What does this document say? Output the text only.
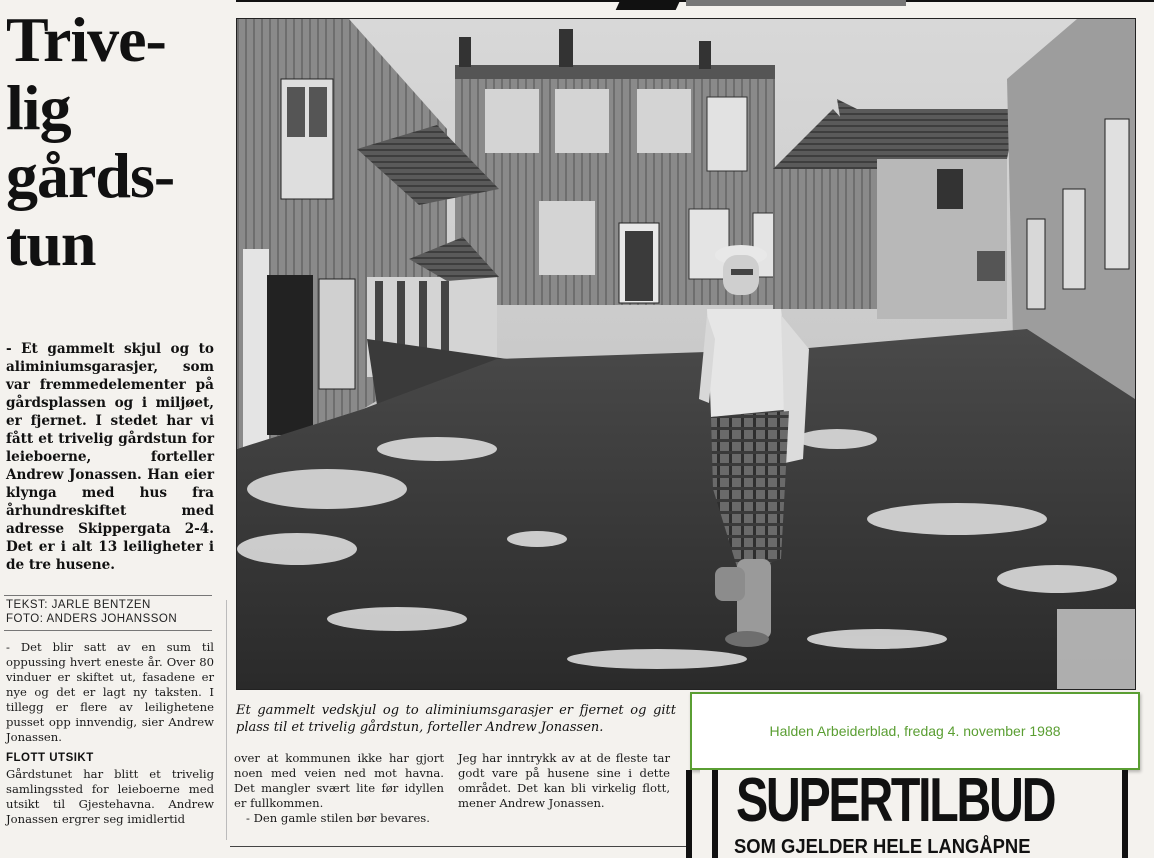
Trive-
lig
gårds-
tun

- Et gammelt skjul og to aliminiumsgarasjer, som var fremmedelementer på gårdsplassen og i miljøet, er fjernet. I stedet har vi fått et trivelig gårdstun for leieboerne, forteller Andrew Jonassen. Han eier klynga med hus fra århundreskiftet med adresse Skippergata 2-4. Det er i alt 13 leiligheter i de tre husene.

TEKST: JARLE BENTZEN
FOTO: ANDERS JOHANSSON

- Det blir satt av en sum til oppussing hvert eneste år. Over 80 vinduer er skiftet ut, fasadene er nye og det er lagt ny taksten. I tillegg er flere av leilighetene pusset opp innvendig, sier Andrew Jonassen.

FLOTT UTSIKT

Gårdstunet har blitt et trivelig samlingssted for leieboerne med utsikt til Gjestehavna. Andrew Jonassen ergrer seg imidlertid

Et gammelt vedskjul og to aliminiumsgarasjer er fjernet og gitt plass til et trivelig gårdstun, forteller Andrew Jonassen.

over at kommunen ikke har gjort noen med veien ned mot havna. Det mangler svært lite før idyllen er fullkommen.

- Den gamle stilen bør bevares.

Jeg har inntrykk av at de fleste tar godt vare på husene sine i dette området. Det kan bli virkelig flott, mener Andrew Jonassen.

Halden Arbeiderblad, fredag 4. november 1988
SUPERTILBUD
SOM GJELDER HELE LANGÅPNE
